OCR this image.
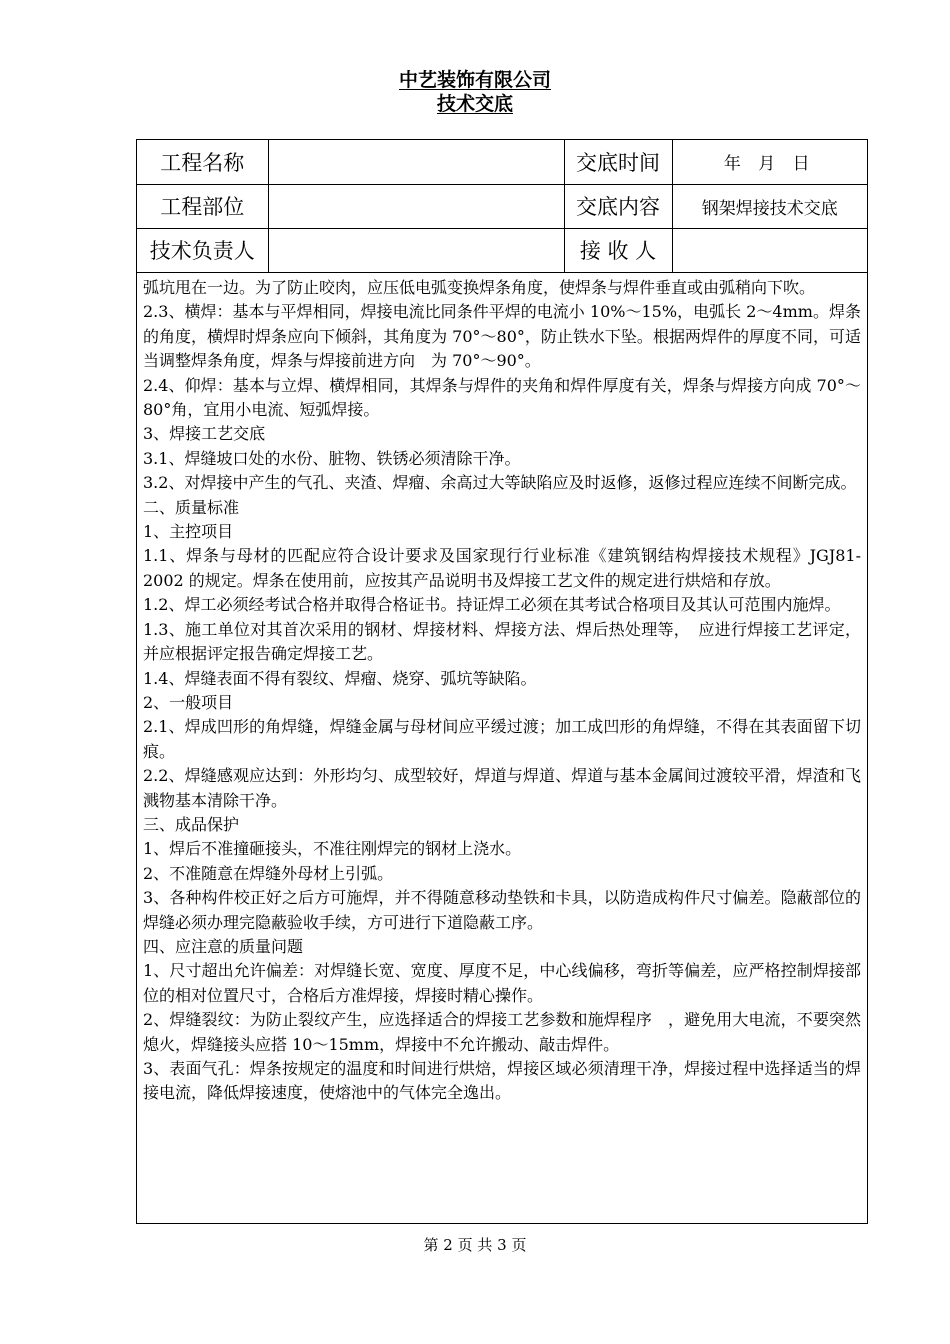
中艺装饰有限公司
技术交底
工程名称		交底时间	年 月 日
工程部位		交底内容	钢架焊接技术交底
技术负责人		接 收 人	

弧坑甩在一边。为了防止咬肉，应压低电弧变换焊条角度，使焊条与焊件垂直或由弧稍向下吹。

2.3、横焊：基本与平焊相同，焊接电流比同条件平焊的电流小 10%～15%，电弧长 2～4mm。焊条的角度，横焊时焊条应向下倾斜，其角度为 70°～80°，防止铁水下坠。根据两焊件的厚度不同，可适当调整焊条角度，焊条与焊接前进方向　为 70°～90°。

2.4、仰焊：基本与立焊、横焊相同，其焊条与焊件的夹角和焊件厚度有关，焊条与焊接方向成 70°～80°角，宜用小电流、短弧焊接。

3、焊接工艺交底

3.1、焊缝坡口处的水份、脏物、铁锈必须清除干净。

3.2、对焊接中产生的气孔、夹渣、焊瘤、余高过大等缺陷应及时返修，返修过程应连续不间断完成。

二、质量标准

1、主控项目

1.1、焊条与母材的匹配应符合设计要求及国家现行行业标准《建筑钢结构焊接技术规程》JGJ81-2002 的规定。焊条在使用前，应按其产品说明书及焊接工艺文件的规定进行烘焙和存放。

1.2、焊工必须经考试合格并取得合格证书。持证焊工必须在其考试合格项目及其认可范围内施焊。

1.3、施工单位对其首次采用的钢材、焊接材料、焊接方法、焊后热处理等，　应进行焊接工艺评定，并应根据评定报告确定焊接工艺。

1.4、焊缝表面不得有裂纹、焊瘤、烧穿、弧坑等缺陷。

2、一般项目

2.1、焊成凹形的角焊缝，焊缝金属与母材间应平缓过渡；加工成凹形的角焊缝，不得在其表面留下切痕。

2.2、焊缝感观应达到：外形均匀、成型较好，焊道与焊道、焊道与基本金属间过渡较平滑，焊渣和飞溅物基本清除干净。

三、成品保护

1、焊后不准撞砸接头，不准往刚焊完的钢材上浇水。

2、不准随意在焊缝外母材上引弧。

3、各种构件校正好之后方可施焊，并不得随意移动垫铁和卡具，以防造成构件尺寸偏差。隐蔽部位的焊缝必须办理完隐蔽验收手续，方可进行下道隐蔽工序。

四、应注意的质量问题

1、尺寸超出允许偏差：对焊缝长宽、宽度、厚度不足，中心线偏移，弯折等偏差，应严格控制焊接部位的相对位置尺寸，合格后方准焊接，焊接时精心操作。

2、焊缝裂纹：为防止裂纹产生，应选择适合的焊接工艺参数和施焊程序　，避免用大电流，不要突然熄火，焊缝接头应搭 10～15mm，焊接中不允许搬动、敲击焊件。

3、表面气孔：焊条按规定的温度和时间进行烘焙，焊接区域必须清理干净，焊接过程中选择适当的焊接电流，降低焊接速度，使熔池中的气体完全逸出。

第 2 页 共 3 页
